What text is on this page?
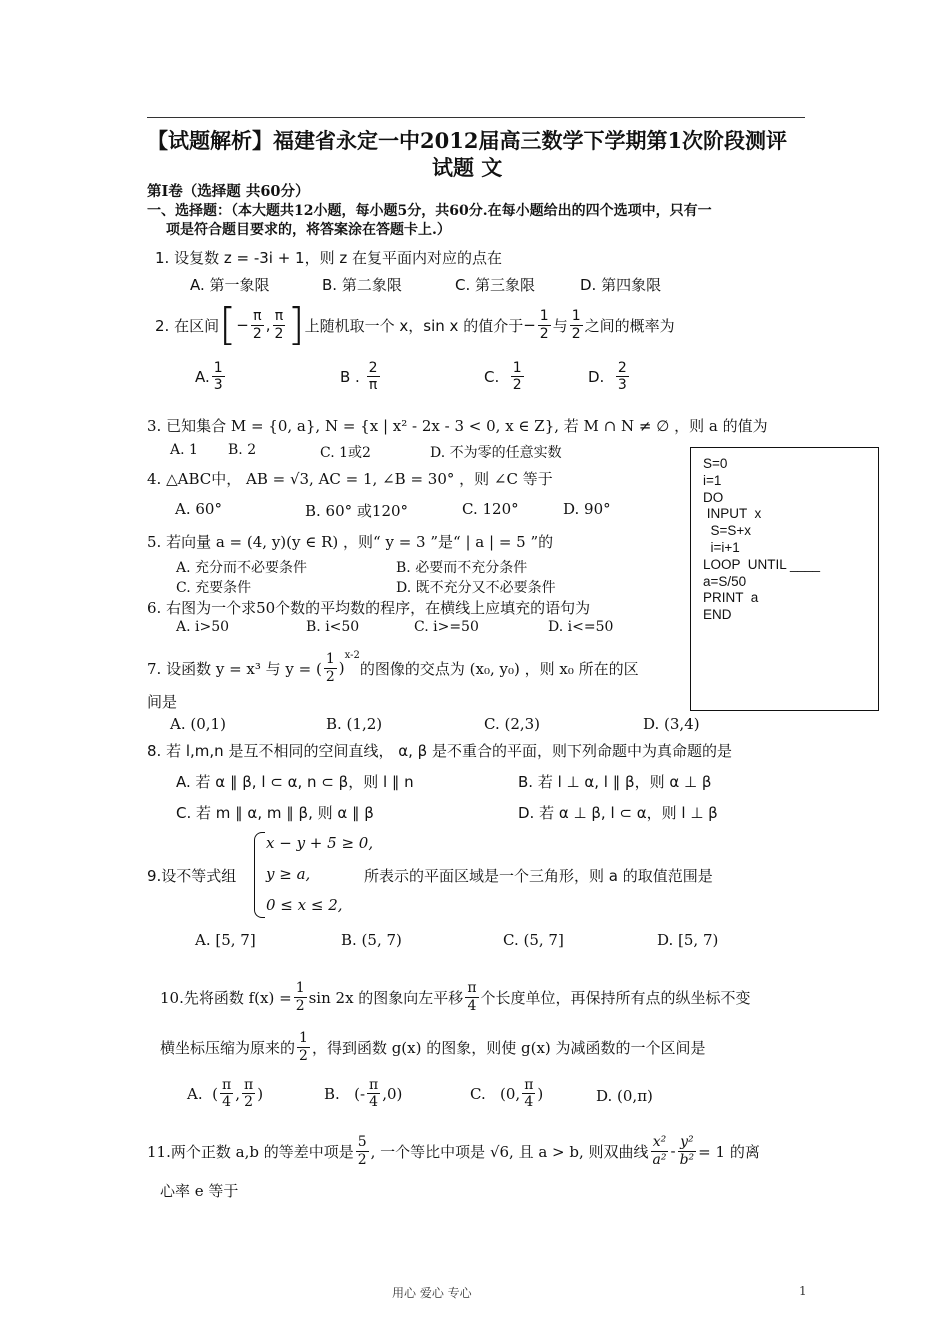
【试题解析】福建省永定一中2012届高三数学下学期第1次阶段测评
试题 文
第I卷（选择题 共60分）
一、选择题：（本大题共12小题，每小题5分，共60分.在每小题给出的四个选项中，只有一
项是符合题目要求的，将答案涂在答题卡上.）
1. 设复数 z = -3i + 1，则 z 在复平面内对应的点在
A. 第一象限	B. 第二象限	C. 第三象限	D. 第四象限
2. 在区间 [ − $\frac{\pi}{2}$ , $\frac{\pi}{2}$ ] 上随机取一个 x，sin x 的值介于 − $\frac{1}{2}$ 与 $\frac{1}{2}$ 之间的概率为
A. $\frac{1}{3}$	B .
$\frac{2}{\pi}$	C.
$\frac{1}{2}$	D.
$\frac{2}{3}$
3. 已知集合 M = {0, a}, N = {x | x² - 2x - 3 < 0, x ∈ Z}, 若 M ∩ N ≠ ∅ ，则 a 的值为
A. 1 B. 2	C. 1或2	D. 不为零的任意实数
4. △ABC中， AB = √3, AC = 1, ∠B = 30° ，则 ∠C 等于
A. 60°	B. 60° 或120°	C. 120°	D. 90°
5. 若向量 a = (4, y)(y ∈ R) ，则“ y = 3 ”是“ | a | = 5 ”的
A. 充分而不必要条件	B. 必要而不充分条件
C. 充要条件	D. 既不充分又不必要条件
6. 右图为一个求50个数的平均数的程序，在横线上应填充的语句为
A. i>50	B. i<50	C. i>=50	D. i<=50
S=0
i=1
DO
INPUT  x
S=S+x
i=i+1
LOOP  UNTIL ____
a=S/50
PRINT  a
END
7. 设函数 y = x³ 与 y = ( $\frac{1}{2}$ )
$^{x-2}$
的图像的交点为 (x₀, y₀) ，则 x₀ 所在的区
间是
A. (0,1)	B. (1,2)	C. (2,3)	D. (3,4)
8. 若 l,m,n 是互不相同的空间直线， α, β 是不重合的平面，则下列命题中为真命题的是
A. 若 α ∥ β, l ⊂ α, n ⊂ β，则 l ∥ n	B. 若 l ⊥ α, l ∥ β，则 α ⊥ β
C. 若 m ∥ α, m ∥ β, 则 α ∥ β	D. 若 α ⊥ β, l ⊂ α，则 l ⊥ β
9.设不等式组
x − y + 5 ≥ 0,
y ≥ a,
0 ≤ x ≤ 2,
所表示的平面区域是一个三角形，则 a 的取值范围是
A. [5, 7]	B. (5, 7)	C. (5, 7]	D. [5, 7)
10.先将函数 $f(x) = \frac{1}{2}$ sin 2x 的图象向左平移 $\frac{\pi}{4}$ 个长度单位，再保持所有点的纵坐标不变
横坐标压缩为原来的 $\frac{1}{2}$ ，得到函数 g(x) 的图象，则使 g(x) 为减函数的一个区间是
A.
( $\frac{\pi}{4}$ , $\frac{\pi}{2}$ )	B.
(- $\frac{\pi}{4} ,0$)	C.
(0, $\frac{\pi}{4}$ )	D. (0,π)
11.两个正数 a,b 的等差中项是 $\frac{5}{2}$ , 一个等比中项是 √6, 且 a > b, 则双曲线 $\frac{\text{x²}}{\text{a²}} - \frac{\text{y²}}{\text{b²}} = 1$ 的离
心率 e 等于
用心 爱心 专心	1
